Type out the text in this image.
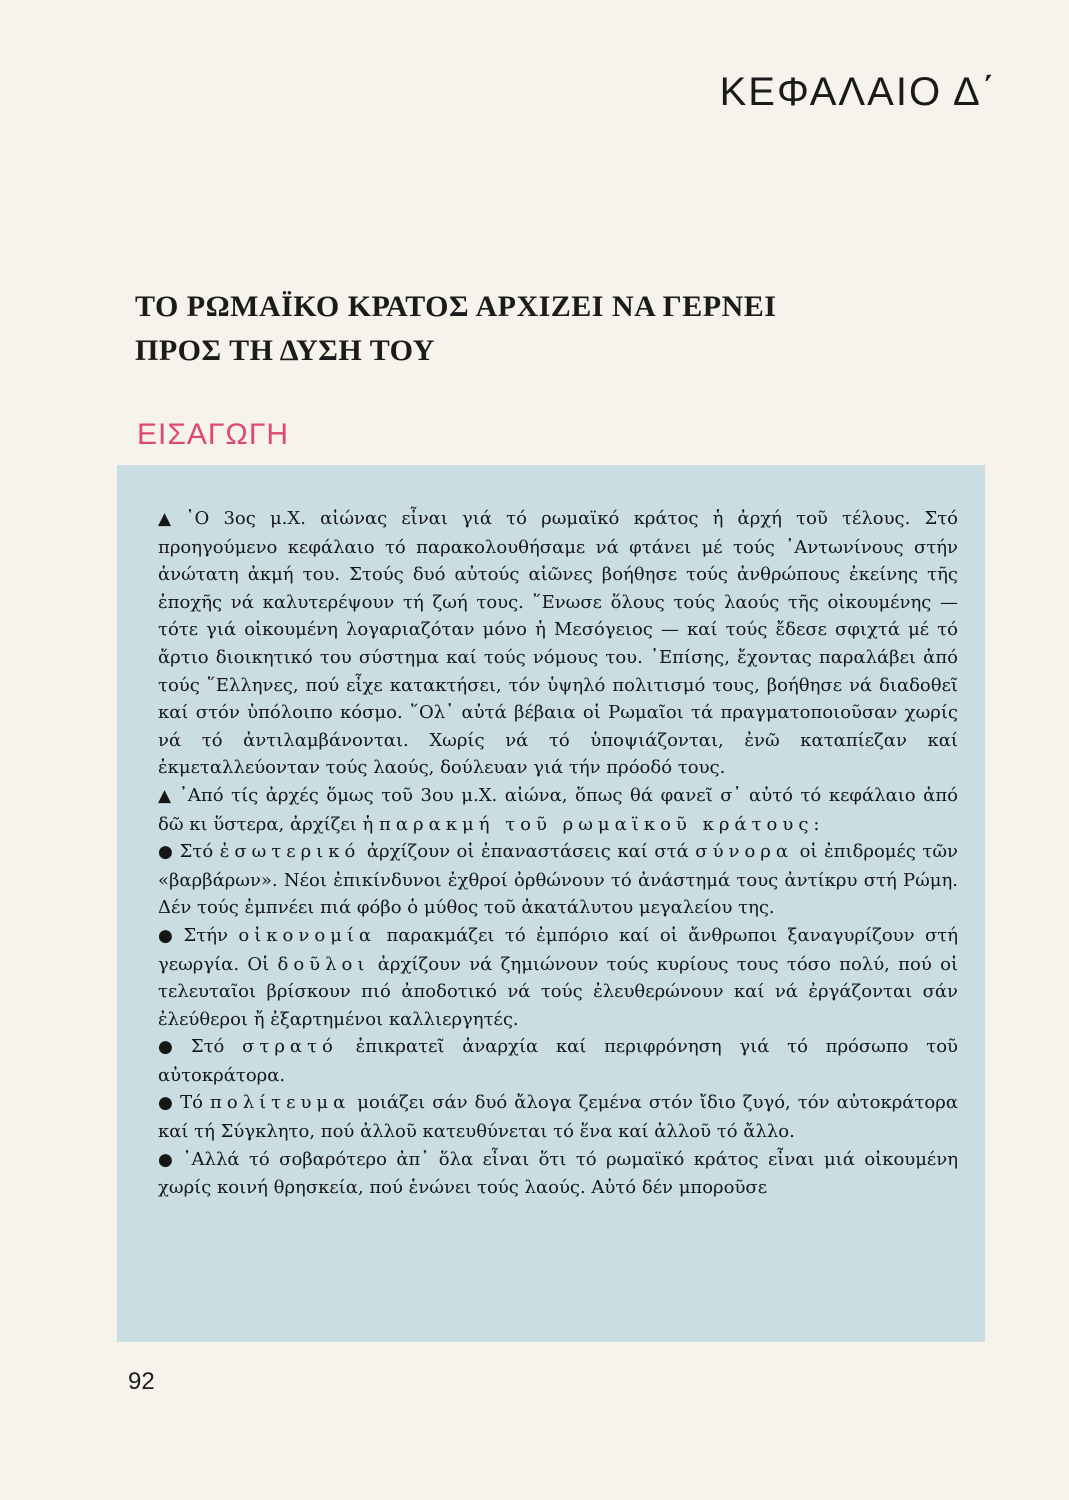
ΚΕΦΑΛΑΙΟ Δ΄
ΤΟ ΡΩΜΑΪΚΟ ΚΡΑΤΟΣ ΑΡΧΙΖΕΙ ΝΑ ΓΕΡΝΕΙ
ΠΡΟΣ ΤΗ ΔΥΣΗ ΤΟΥ
ΕΙΣΑΓΩΓΗ

▲ ῾Ο 3ος μ.Χ. αἰώνας εἶναι γιά τό ρωμαϊκό κράτος ἡ ἀρχή τοῦ τέλους. Στό προηγούμενο κεφάλαιο τό παρακολουθήσαμε νά φτάνει μέ τούς ᾿Αντωνίνους στήν ἀνώτατη ἀκμή του. Στούς δυό αὐτούς αἰῶνες βοήθησε τούς ἀνθρώπους ἐκείνης τῆς ἐποχῆς νά καλυτερέψουν τή ζωή τους. ῞Ενωσε ὅλους τούς λαούς τῆς οἰκουμένης — τότε γιά οἰκουμένη λογαριαζόταν μόνο ἡ Μεσόγειος — καί τούς ἔδεσε σφιχτά μέ τό ἄρτιο διοικητικό του σύστημα καί τούς νόμους του. ᾿Επίσης, ἔχοντας παραλάβει ἀπό τούς ῞Ελληνες, πού εἶχε κατακτήσει, τόν ὑψηλό πολιτισμό τους, βοήθησε νά διαδοθεῖ καί στόν ὑπόλοιπο κόσμο. ῞Ολ᾿ αὐτά βέβαια οἱ Ρωμαῖοι τά πραγματοποιοῦσαν χωρίς νά τό ἀντιλαμβάνονται. Χωρίς νά τό ὑποψιάζονται, ἐνῶ καταπίεζαν καί ἐκμεταλλεύονταν τούς λαούς, δούλευαν γιά τήν πρόοδό τους.

▲ ᾿Από τίς ἀρχές ὅμως τοῦ 3ου μ.Χ. αἰώνα, ὅπως θά φανεῖ σ᾿ αὐτό τό κεφάλαιο ἀπό δῶ κι ὕστερα, ἀρχίζει ἡ παρακμή τοῦ ρωμαϊκοῦ κράτους:

● Στό ἐσωτερικό ἀρχίζουν οἱ ἐπαναστάσεις καί στά σύνορα οἱ ἐπιδρομές τῶν «βαρβάρων». Νέοι ἐπικίνδυνοι ἐχθροί ὀρθώνουν τό ἀνάστημά τους ἀντίκρυ στή Ρώμη. Δέν τούς ἐμπνέει πιά φόβο ὁ μύθος τοῦ ἀκατάλυτου μεγαλείου της.

● Στήν οἰκονομία παρακμάζει τό ἐμπόριο καί οἱ ἄνθρωποι ξαναγυρίζουν στή γεωργία. Οἱ δοῦλοι ἀρχίζουν νά ζημιώνουν τούς κυρίους τους τόσο πολύ, πού οἱ τελευταῖοι βρίσκουν πιό ἀποδοτικό νά τούς ἐλευθερώνουν καί νά ἐργάζονται σάν ἐλεύθεροι ἤ ἐξαρτημένοι καλλιεργητές.

● Στό στρατό ἐπικρατεῖ ἀναρχία καί περιφρόνηση γιά τό πρόσωπο τοῦ αὐτοκράτορα.

● Τό πολίτευμα μοιάζει σάν δυό ἄλογα ζεμένα στόν ἴδιο ζυγό, τόν αὐτοκράτορα καί τή Σύγκλητο, πού ἀλλοῦ κατευθύνεται τό ἕνα καί ἀλλοῦ τό ἄλλο.

● ᾿Αλλά τό σοβαρότερο ἀπ᾿ ὅλα εἶναι ὅτι τό ρωμαϊκό κράτος εἶναι μιά οἰκουμένη χωρίς κοινή θρησκεία, πού ἑνώνει τούς λαούς. Αὐτό δέν μποροῦσε

92
